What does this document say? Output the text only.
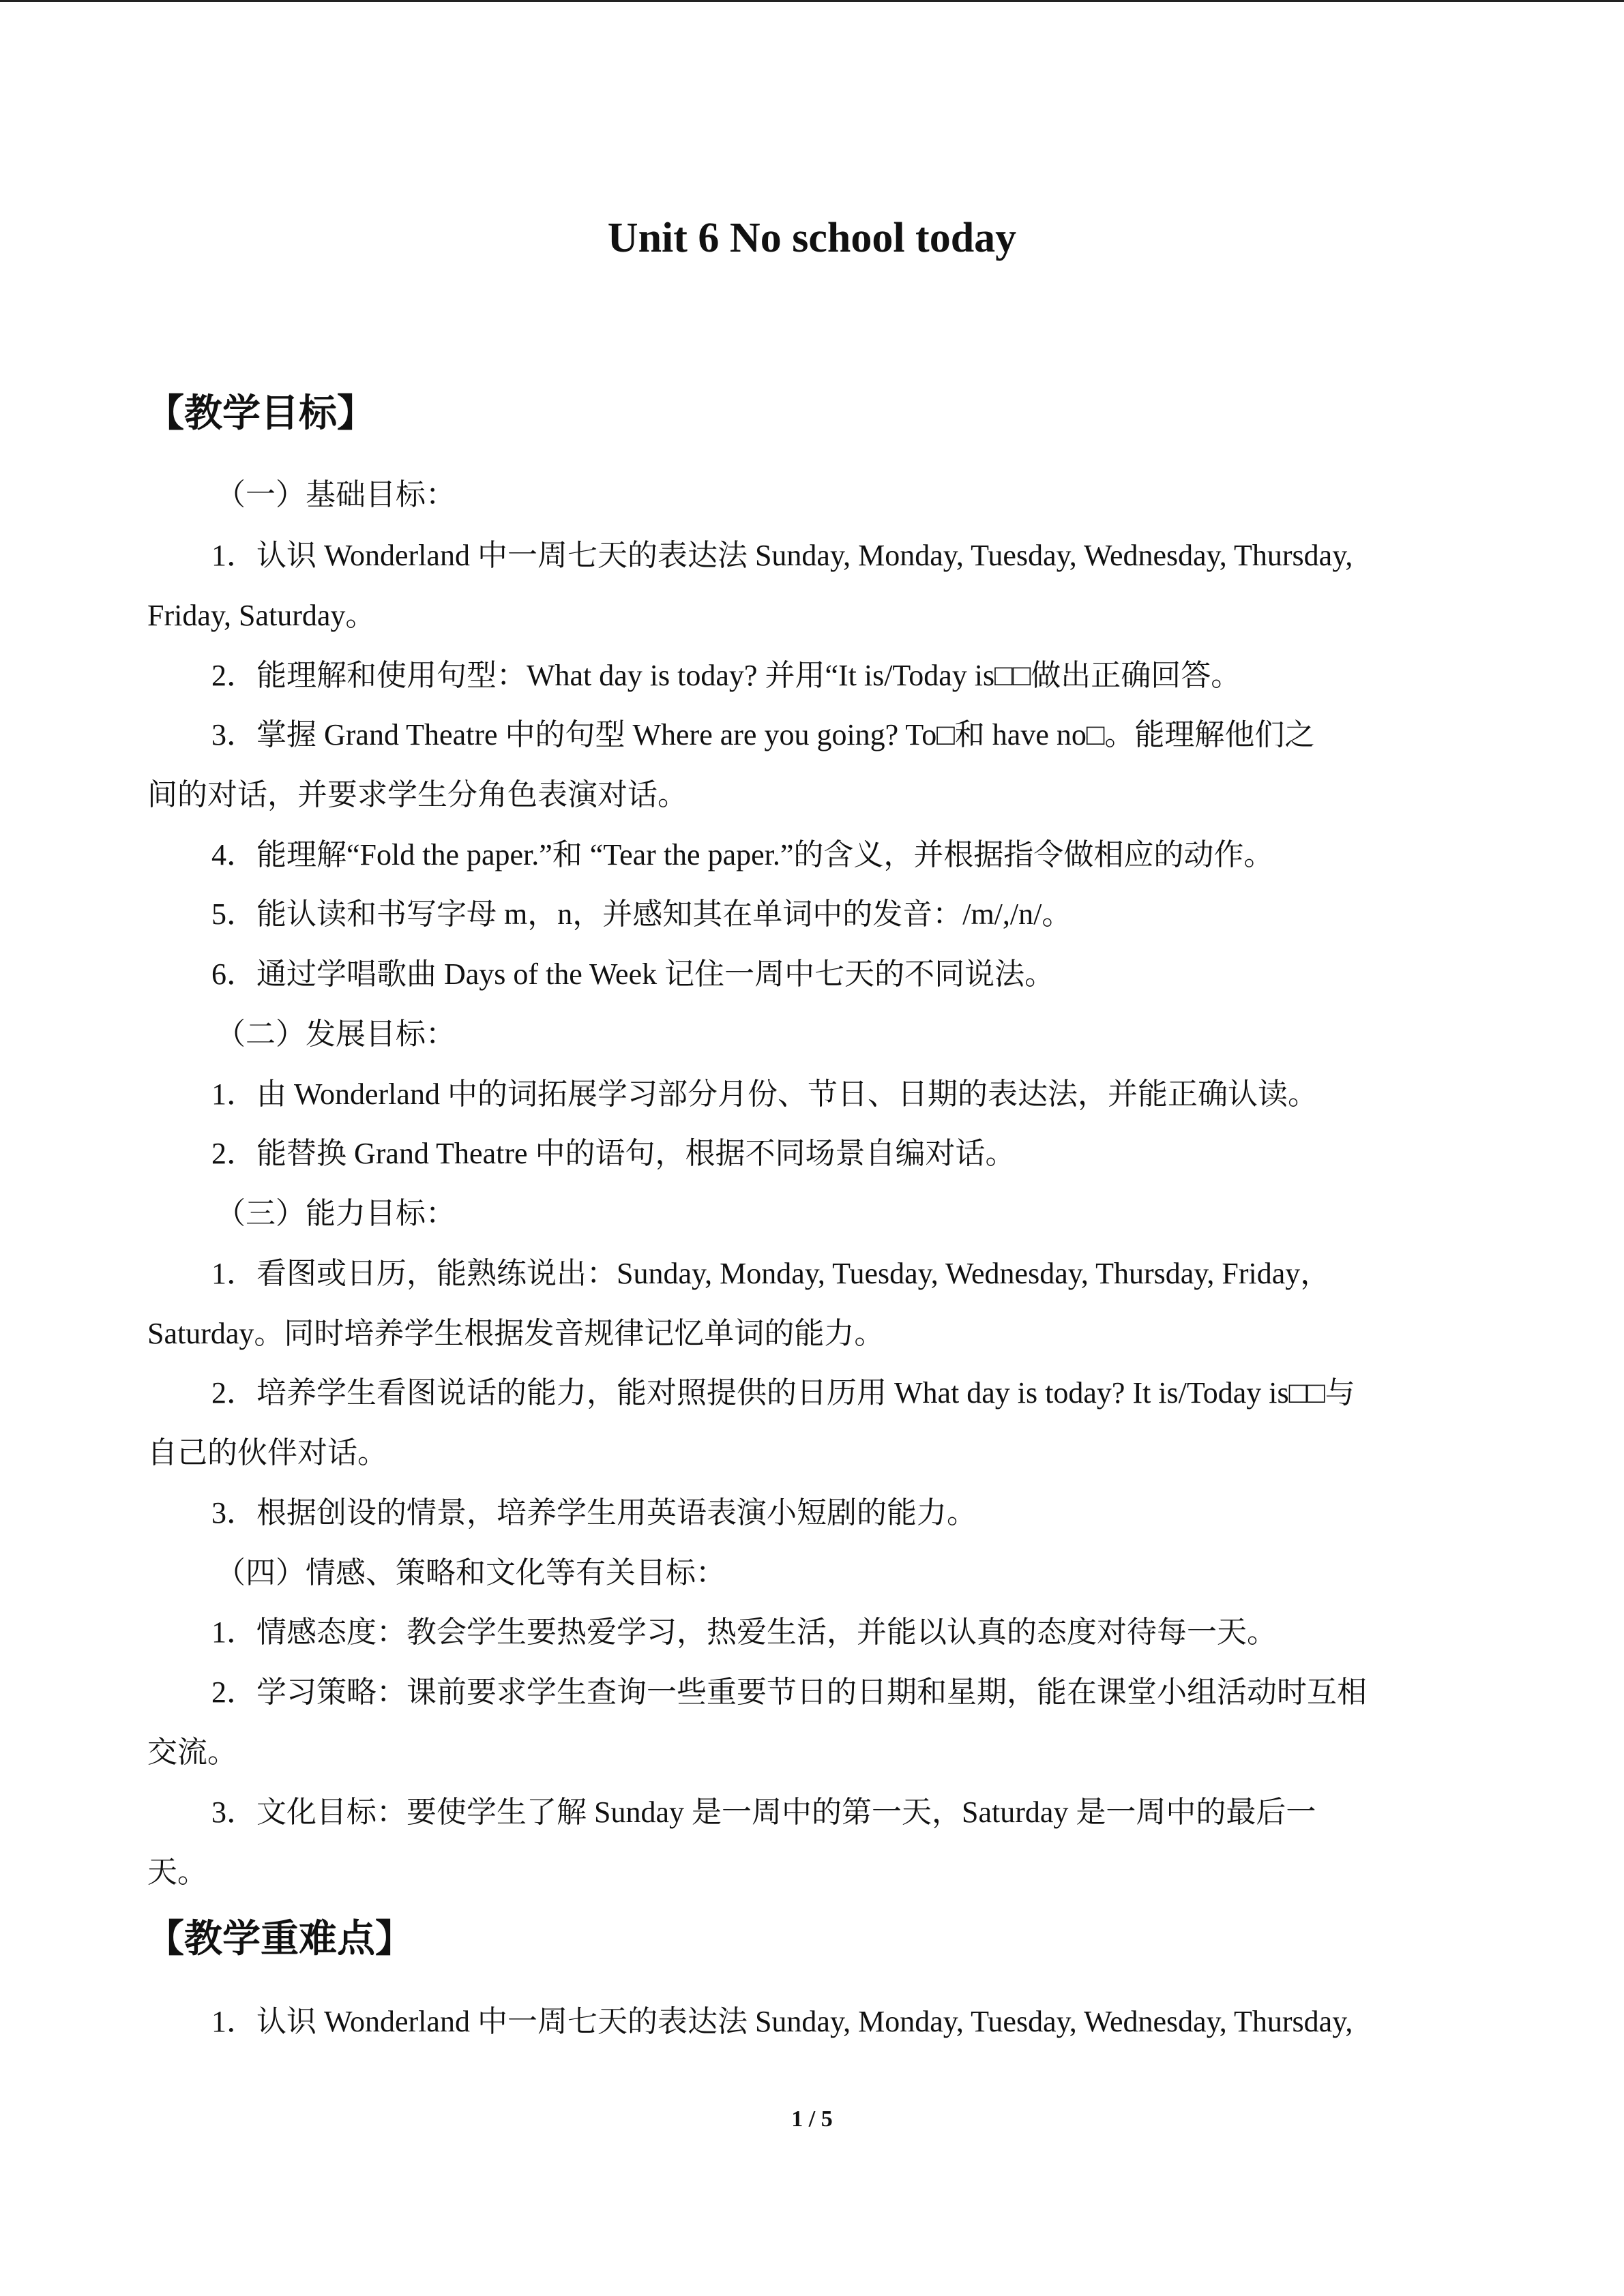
Unit 6 No school today
【教学目标】
（一）基础目标：
1．认识 Wonderland 中一周七天的表达法 Sunday, Monday, Tuesday, Wednesday, Thursday,
Friday, Saturday。
2．能理解和使用句型：What day is today? 并用“It is/Today is□□做出正确回答。
3．掌握 Grand Theatre 中的句型 Where are you going? To□和 have no□。能理解他们之
间的对话，并要求学生分角色表演对话。
4．能理解“Fold the paper.”和 “Tear the paper.”的含义，并根据指令做相应的动作。
5．能认读和书写字母 m，n，并感知其在单词中的发音：/m/,/n/。
6．通过学唱歌曲 Days of the Week 记住一周中七天的不同说法。
（二）发展目标：
1．由 Wonderland 中的词拓展学习部分月份、节日、日期的表达法，并能正确认读。
2．能替换 Grand Theatre 中的语句，根据不同场景自编对话。
（三）能力目标：
1．看图或日历，能熟练说出：Sunday, Monday, Tuesday, Wednesday, Thursday, Friday，
Saturday。同时培养学生根据发音规律记忆单词的能力。
2．培养学生看图说话的能力，能对照提供的日历用 What day is today? It is/Today is□□与
自己的伙伴对话。
3．根据创设的情景，培养学生用英语表演小短剧的能力。
（四）情感、策略和文化等有关目标：
1．情感态度：教会学生要热爱学习，热爱生活，并能以认真的态度对待每一天。
2．学习策略：课前要求学生查询一些重要节日的日期和星期，能在课堂小组活动时互相
交流。
3．文化目标：要使学生了解 Sunday 是一周中的第一天，Saturday 是一周中的最后一
天。
【教学重难点】
1．认识 Wonderland 中一周七天的表达法 Sunday, Monday, Tuesday, Wednesday, Thursday,
1 / 5
